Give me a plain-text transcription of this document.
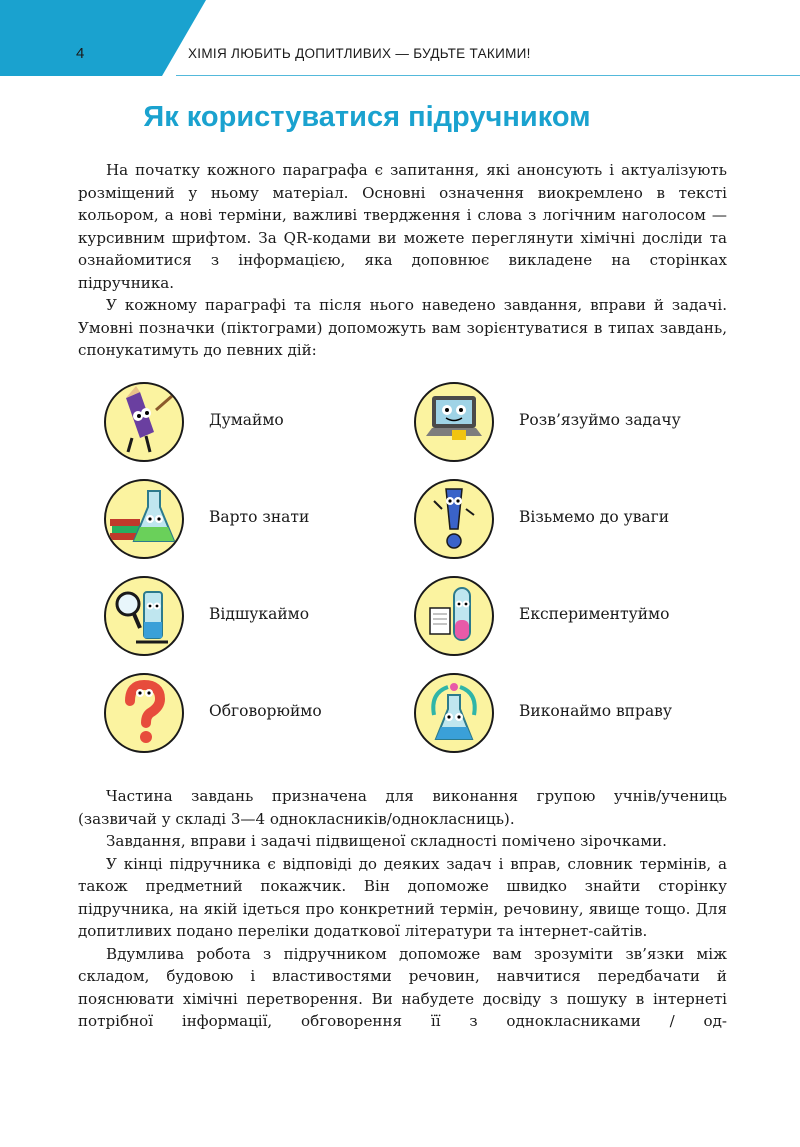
4	ХІМІЯ ЛЮБИТЬ ДОПИТЛИВИХ — БУДЬТЕ ТАКИМИ!
Як користуватися підручником

На початку кожного параграфа є запитання, які анонсують і актуалізують розміщений у ньому матеріал. Основні означення виокремлено в тексті кольором, а нові терміни, важливі твердження і слова з логічним наголосом — курсивним шрифтом. За QR-кодами ви можете переглянути хімічні досліди та ознайомитися з інформацією, яка доповнює викладене на сторінках підручника.

У кожному параграфі та після нього наведено завдання, вправи й задачі. Умовні позначки (піктограми) допоможуть вам зорієнтуватися в типах завдань, спонукатимуть до певних дій:

Думаймо
Варто знати
Відшукаймо
Обговорюймо
Розв’язуймо задачу
Візьмемо до уваги
Експериментуймо
Виконаймо вправу

Частина завдань призначена для виконання групою учнів/учениць (зазвичай у складі 3—4 однокласників/однокласниць).

Завдання, вправи і задачі підвищеної складності помічено зірочками.

У кінці підручника є відповіді до деяких задач і вправ, словник термінів, а також предметний покажчик. Він допоможе швидко знайти сторінку підручника, на якій ідеться про конкретний термін, речовину, явище тощо. Для допитливих подано переліки додаткової літератури та інтернет-сайтів.

Вдумлива робота з підручником допоможе вам зрозуміти зв’язки між складом, будовою і властивостями речовин, навчитися передбачати й пояснювати хімічні перетворення. Ви набудете досвіду з пошуку в інтернеті потрібної інформації, обговорення її з однокласниками / од-
